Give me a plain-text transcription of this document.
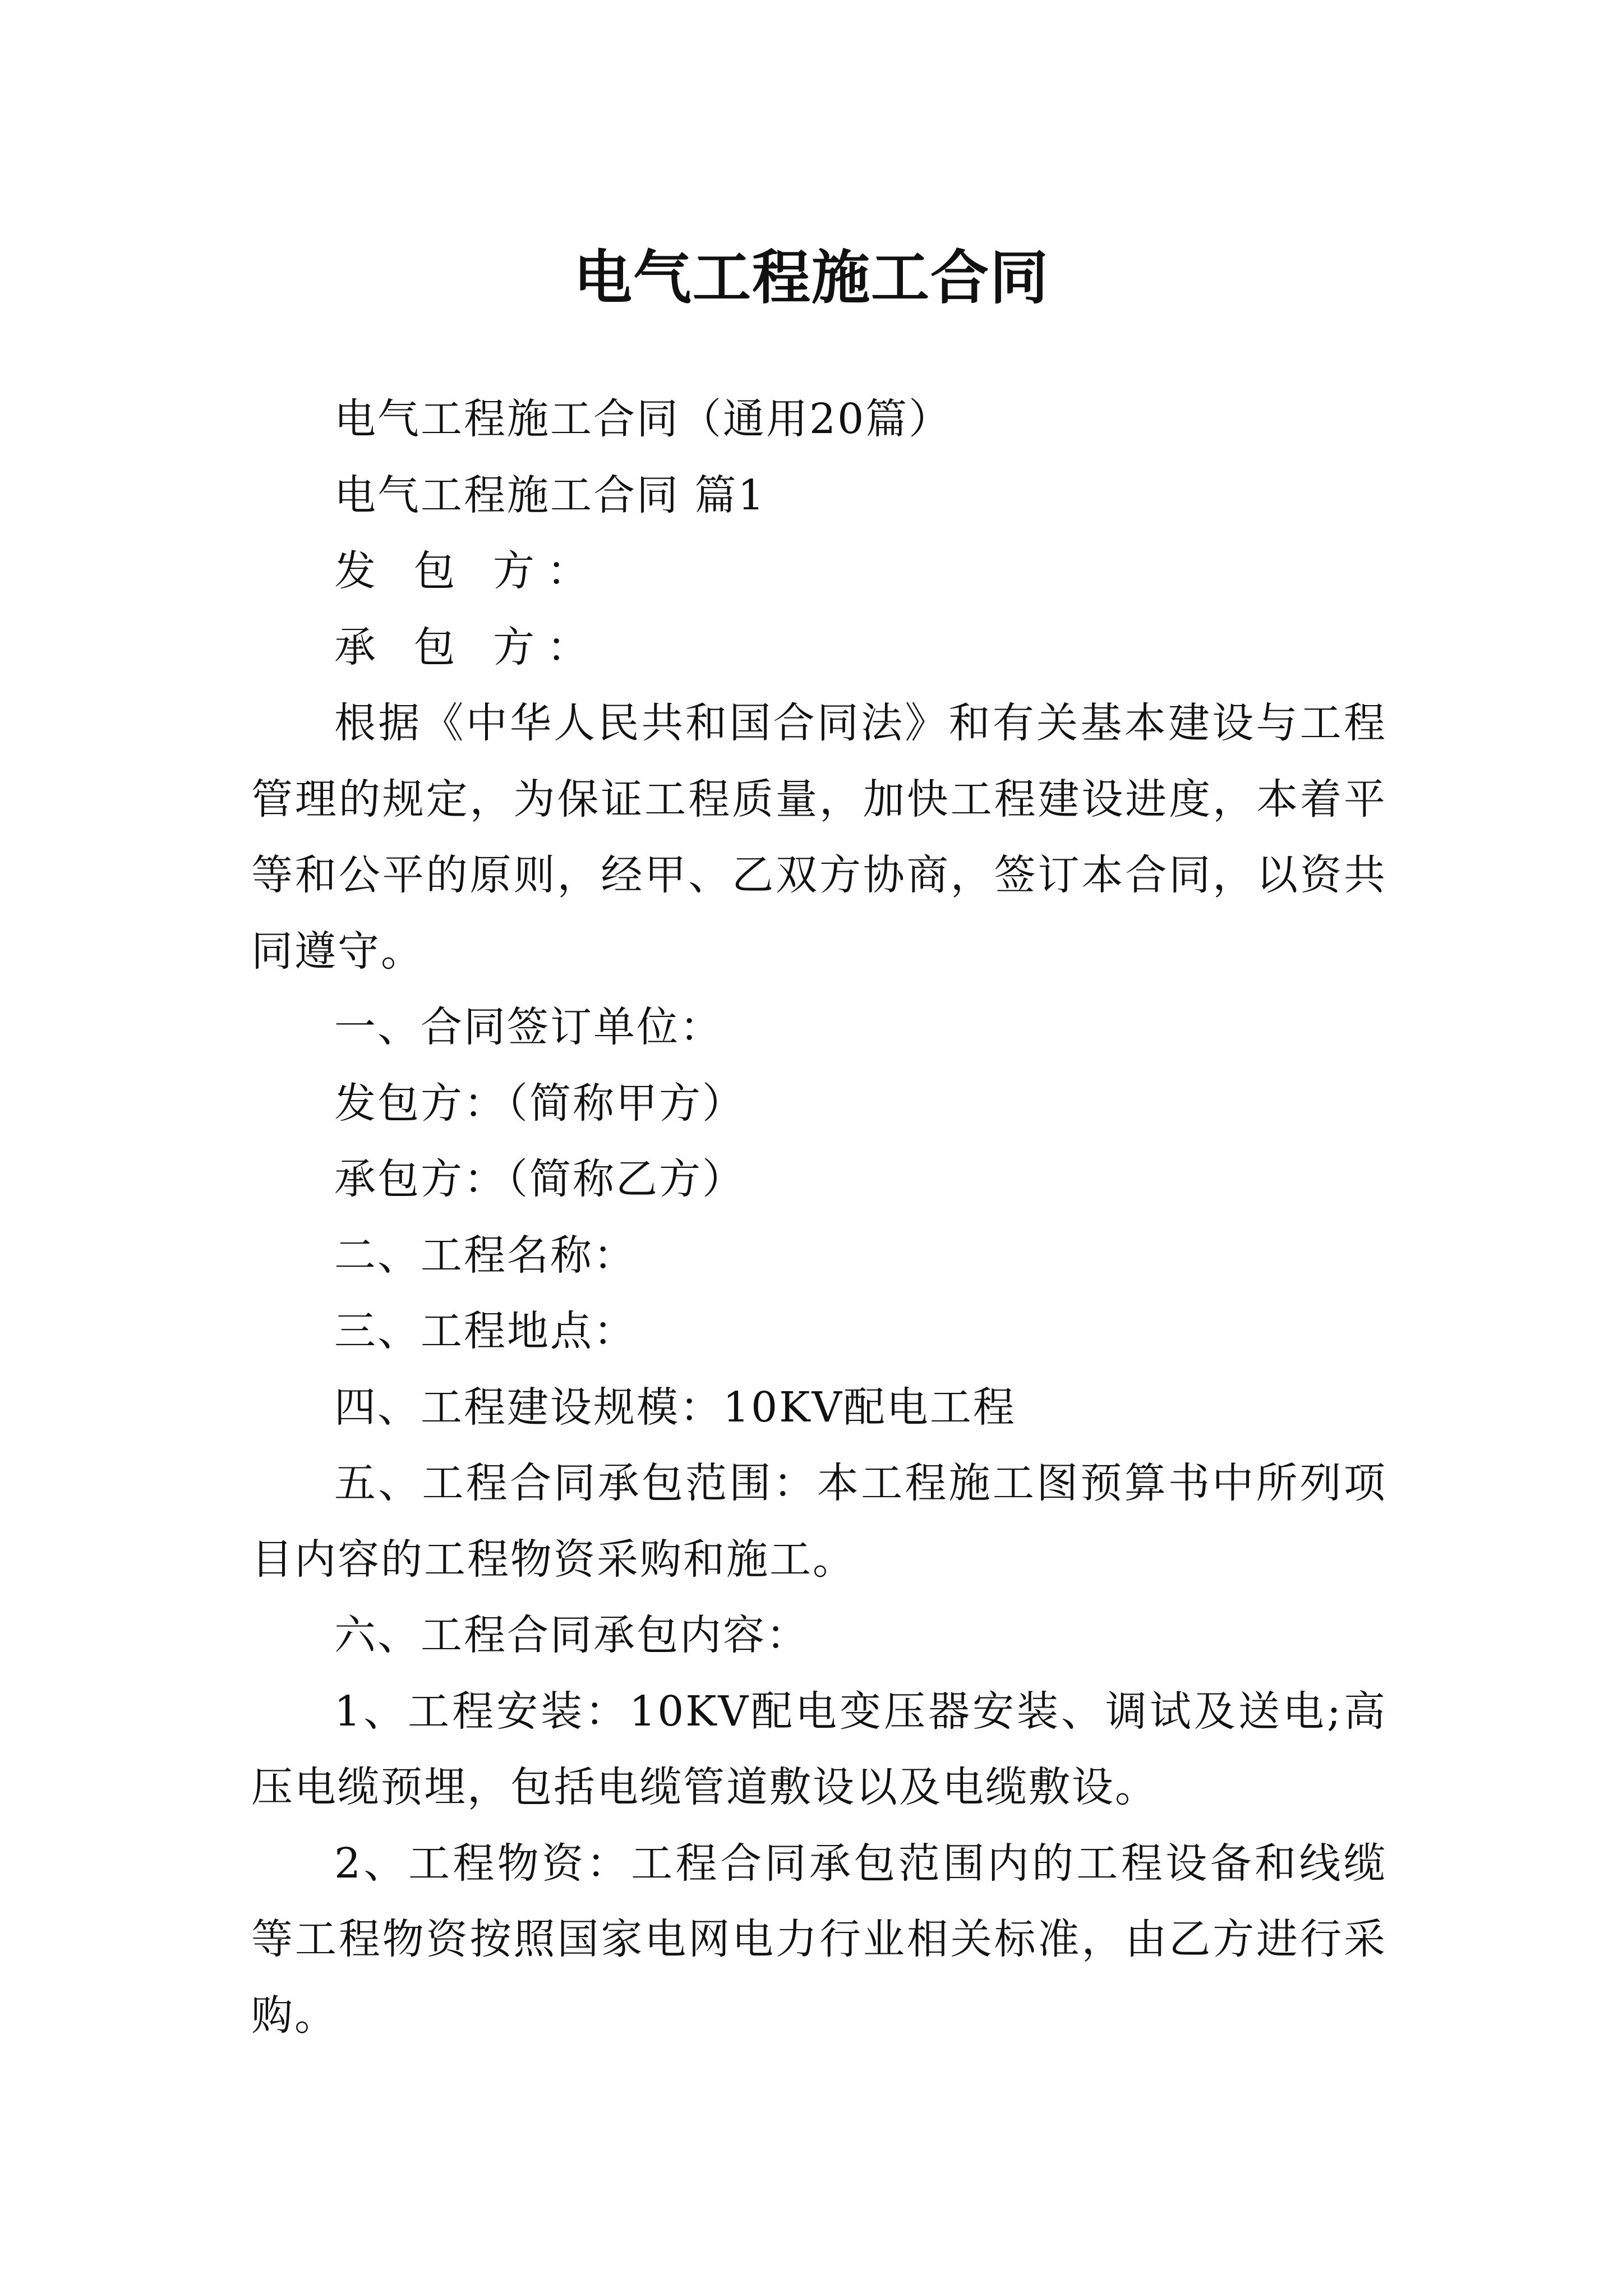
电气工程施工合同

电气工程施工合同（通用20篇）

电气工程施工合同 篇1

发 包 方：

承 包 方：

根据《中华人民共和国合同法》和有关基本建设与工程管理的规定，为保证工程质量，加快工程建设进度，本着平等和公平的原则，经甲、乙双方协商，签订本合同，以资共同遵守。

一、合同签订单位：

发包方：（简称甲方）

承包方：（简称乙方）

二、工程名称：

三、工程地点：

四、工程建设规模：10KV配电工程

五、工程合同承包范围：本工程施工图预算书中所列项目内容的工程物资采购和施工。

六、工程合同承包内容：

1、工程安装：10KV配电变压器安装、调试及送电;高压电缆预埋，包括电缆管道敷设以及电缆敷设。

2、工程物资：工程合同承包范围内的工程设备和线缆等工程物资按照国家电网电力行业相关标准，由乙方进行采购。
